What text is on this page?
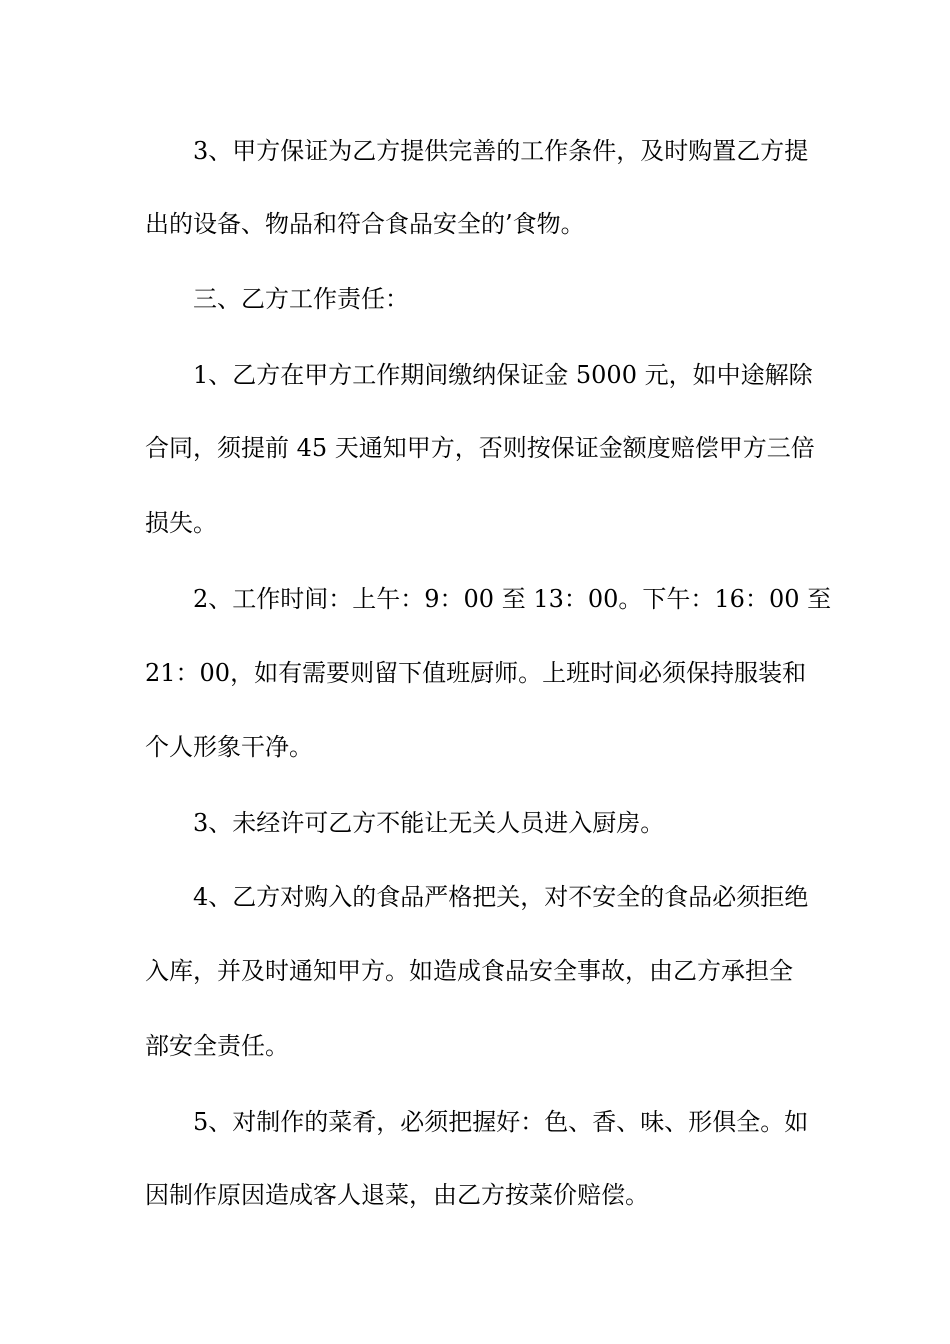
3、甲方保证为乙方提供完善的工作条件，及时购置乙方提
出的设备、物品和符合食品安全的’食物。
三、乙方工作责任：
1、乙方在甲方工作期间缴纳保证金 5000 元，如中途解除
合同，须提前 45 天通知甲方，否则按保证金额度赔偿甲方三倍
损失。
2、工作时间：上午：9：00 至 13：00。下午：16：00 至
21：00，如有需要则留下值班厨师。上班时间必须保持服装和
个人形象干净。
3、未经许可乙方不能让无关人员进入厨房。
4、乙方对购入的食品严格把关，对不安全的食品必须拒绝
入库，并及时通知甲方。如造成食品安全事故，由乙方承担全
部安全责任。
5、对制作的菜肴，必须把握好：色、香、味、形俱全。如
因制作原因造成客人退菜，由乙方按菜价赔偿。
